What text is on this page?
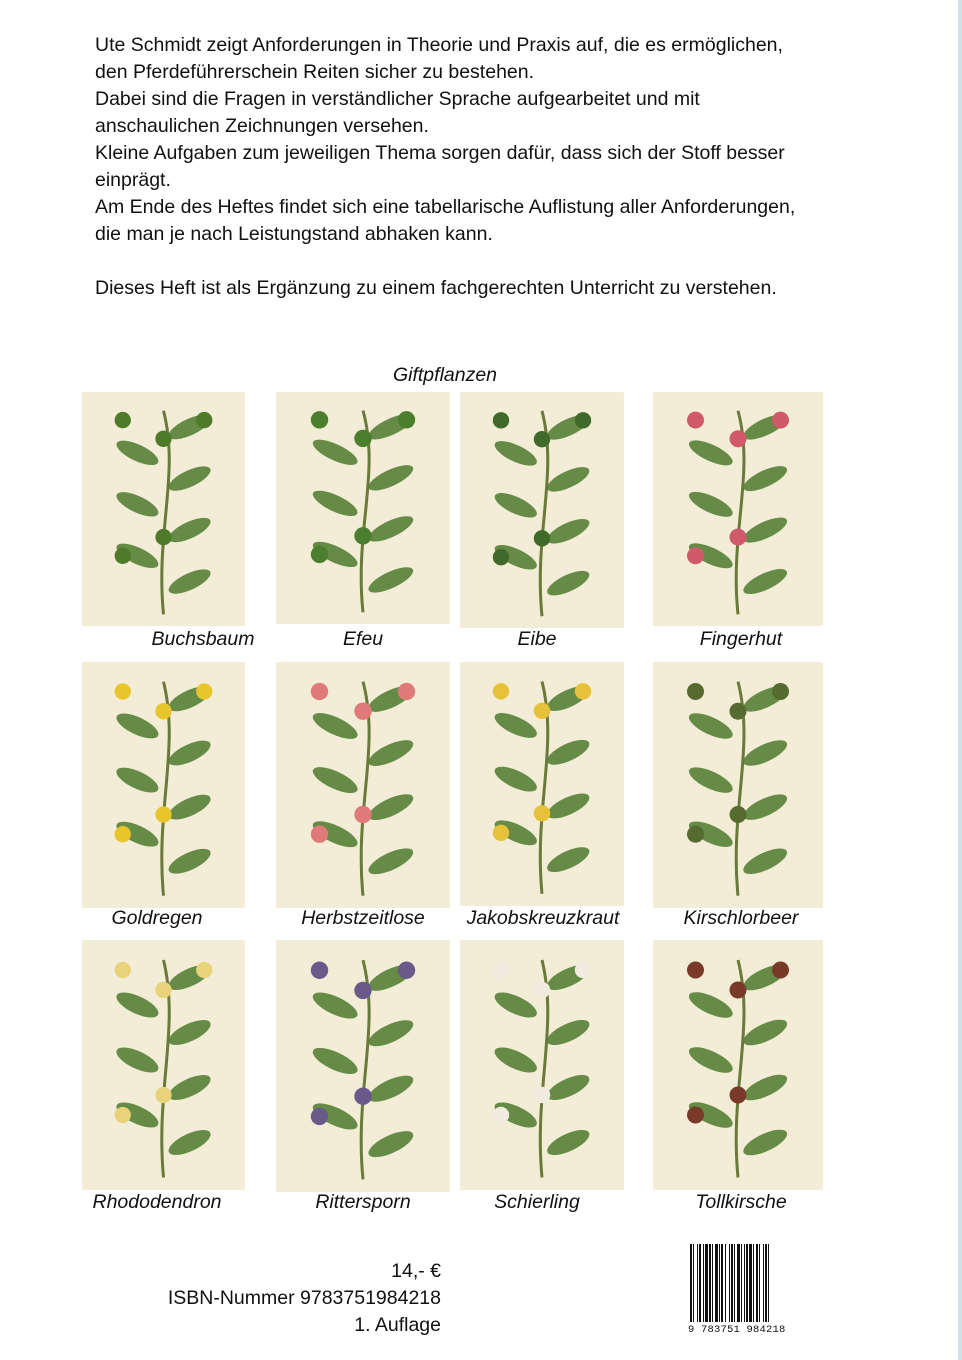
Ute Schmidt zeigt Anforderungen in Theorie und Praxis auf, die es ermöglichen,

den Pferdeführerschein Reiten sicher zu bestehen.

Dabei sind die Fragen in verständlicher Sprache aufgearbeitet und mit

anschaulichen Zeichnungen versehen.

Kleine Aufgaben zum jeweiligen Thema sorgen dafür, dass sich der Stoff besser

einprägt.

Am Ende des Heftes findet sich eine tabellarische Auflistung aller Anforderungen,

die man je nach Leistungstand abhaken kann.

Dieses Heft ist als Ergänzung zu einem fachgerechten Unterricht zu verstehen.

Giftpflanzen
Buchsbaum	Efeu	Eibe	Fingerhut
Goldregen	Herbstzeitlose	Jakobskreuzkraut	Kirschlorbeer
Rhododendron	Rittersporn	Schierling	Tollkirsche
14,- €
ISBN-Nummer 9783751984218
1. Auflage	9 783751 984218
